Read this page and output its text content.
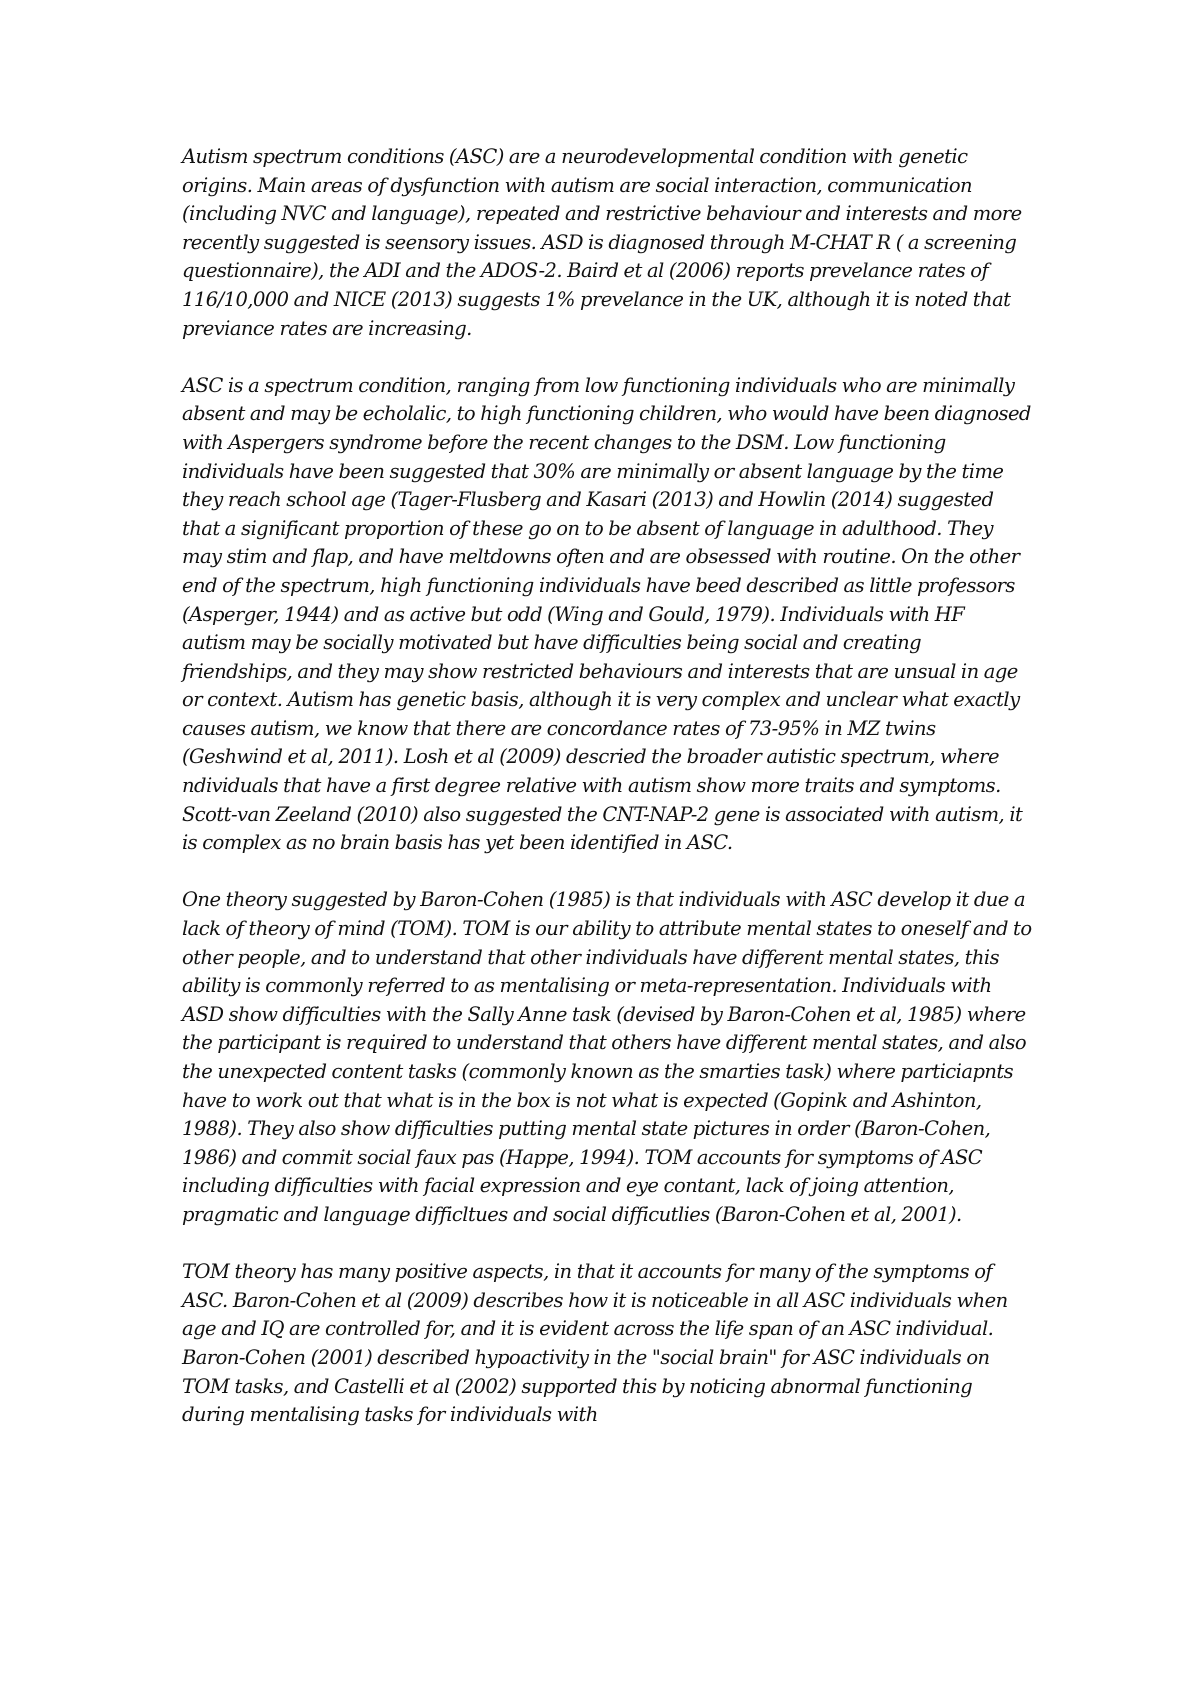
Autism spectrum conditions (ASC) are a neurodevelopmental condition with genetic origins. Main areas of dysfunction with autism are social interaction, communication (including NVC and language), repeated and restrictive behaviour and interests and more recently suggested is seensory issues. ASD is diagnosed through M-CHAT R ( a screening questionnaire), the ADI and the ADOS-2. Baird et al (2006) reports prevelance rates of 116/10,000 and NICE (2013) suggests 1% prevelance in the UK, although it is noted that previance rates are increasing.

ASC is a spectrum condition, ranging from low functioning individuals who are minimally absent and may be echolalic, to high functioning children, who would have been diagnosed with Aspergers syndrome before the recent changes to the DSM. Low functioning individuals have been suggested that 30% are minimally or absent language by the time they reach school age (Tager-Flusberg and Kasari (2013) and Howlin (2014) suggested that a significant proportion of these go on to be absent of language in adulthood. They may stim and flap, and have meltdowns often and are obsessed with routine. On the other end of the spectrum, high functioning individuals have beed described as little professors (Asperger, 1944) and as active but odd (Wing and Gould, 1979). Individuals with HF autism may be socially motivated but have difficulties being social and creating friendships, and they may show restricted behaviours and interests that are unsual in age or context. Autism has genetic basis, although it is very complex and unclear what exactly causes autism, we know that there are concordance rates of 73-95% in MZ twins (Geshwind et al, 2011). Losh et al (2009) descried the broader autistic spectrum, where ndividuals that have a first degree relative with autism show more traits and symptoms. Scott-van Zeeland (2010) also suggested the CNT-NAP-2 gene is associated with autism, it is complex as no brain basis has yet been identified in ASC.

One theory suggested by Baron-Cohen (1985) is that individuals with ASC develop it due a lack of theory of mind (TOM). TOM is our ability to attribute mental states to oneself and to other people, and to understand that other individuals have different mental states, this ability is commonly referred to as mentalising or meta-representation. Individuals with ASD show difficulties with the Sally Anne task (devised by Baron-Cohen et al, 1985) where the participant is required to understand that others have different mental states, and also the unexpected content tasks (commonly known as the smarties task) where particiapnts have to work out that what is in the box is not what is expected (Gopink and Ashinton, 1988). They also show difficulties putting mental state pictures in order (Baron-Cohen, 1986) and commit social faux pas (Happe, 1994). TOM accounts for symptoms of ASC including difficulties with facial expression and eye contant, lack of joing attention, pragmatic and language difficltues and social difficutlies (Baron-Cohen et al, 2001).

TOM theory has many positive aspects, in that it accounts for many of the symptoms of ASC. Baron-Cohen et al (2009) describes how it is noticeable in all ASC individuals when age and IQ are controlled for, and it is evident across the life span of an ASC individual. Baron-Cohen (2001) described hypoactivity in the "social brain" for ASC individuals on TOM tasks, and Castelli et al (2002) supported this by noticing abnormal functioning during mentalising tasks for individuals with
